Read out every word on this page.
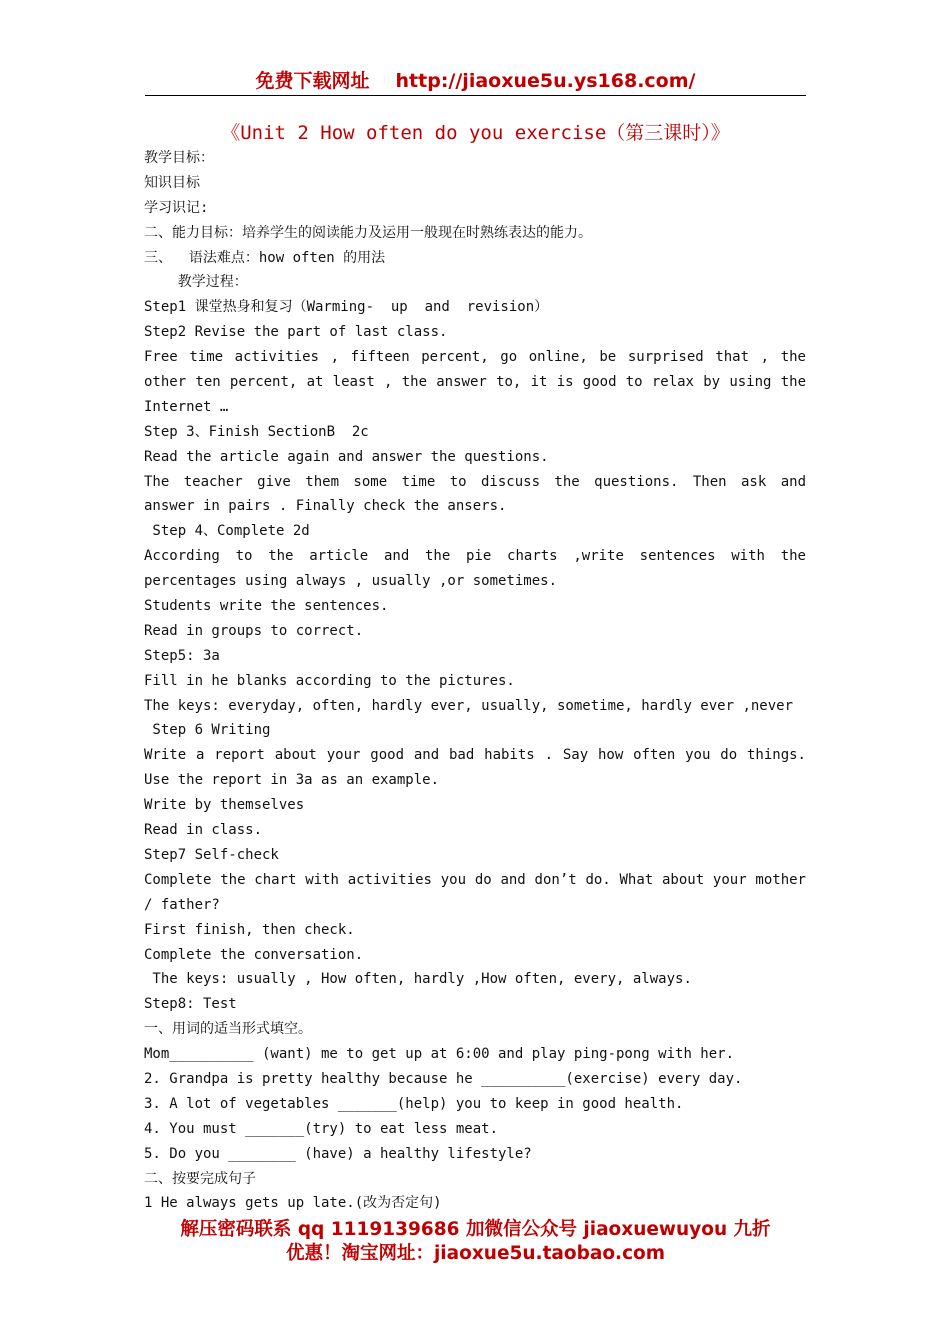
免费下载网址 http://jiaoxue5u.ys168.com/
《Unit 2 How often do you exercise（第三课时）》
教学目标：
知识目标
学习识记:
二、能力目标：培养学生的阅读能力及运用一般现在时熟练表达的能力。
三、  语法难点：how often 的用法
教学过程：
Step1 课堂热身和复习（Warming-  up  and  revision）
Step2 Revise the part of last class.
Free time activities , fifteen percent, go online, be surprised that , the
other ten percent, at least , the answer to, it is good to relax by using the
Internet …
Step 3、Finish SectionB  2c
Read the article again and answer the questions.
The teacher give them some time to discuss the questions. Then ask and
answer in pairs . Finally check the ansers.
Step 4、Complete 2d
According to the article and the pie charts ,write sentences with the
percentages using always , usually ,or sometimes.
Students write the sentences.
Read in groups to correct.
Step5: 3a
Fill in he blanks according to the pictures.
The keys: everyday, often, hardly ever, usually, sometime, hardly ever ,never
Step 6 Writing
Write a report about your good and bad habits . Say how often you do things.
Use the report in 3a as an example.
Write by themselves
Read in class.
Step7 Self-check
Complete the chart with activities you do and don’t do. What about your mother
/ father?
First finish, then check.
Complete the conversation.
The keys: usually , How often, hardly ,How often, every, always.
Step8: Test
一、用词的适当形式填空。
Mom__________ (want) me to get up at 6:00 and play ping-pong with her.
2. Grandpa is pretty healthy because he __________(exercise) every day.
3. A lot of vegetables _______(help) you to keep in good health.
4. You must _______(try) to eat less meat.
5. Do you ________ (have) a healthy lifestyle?
二、按要完成句子
1 He always gets up late.(改为否定句)
解压密码联系 qq 1119139686 加微信公众号 jiaoxuewuyou 九折
优惠！淘宝网址：jiaoxue5u.taobao.com
